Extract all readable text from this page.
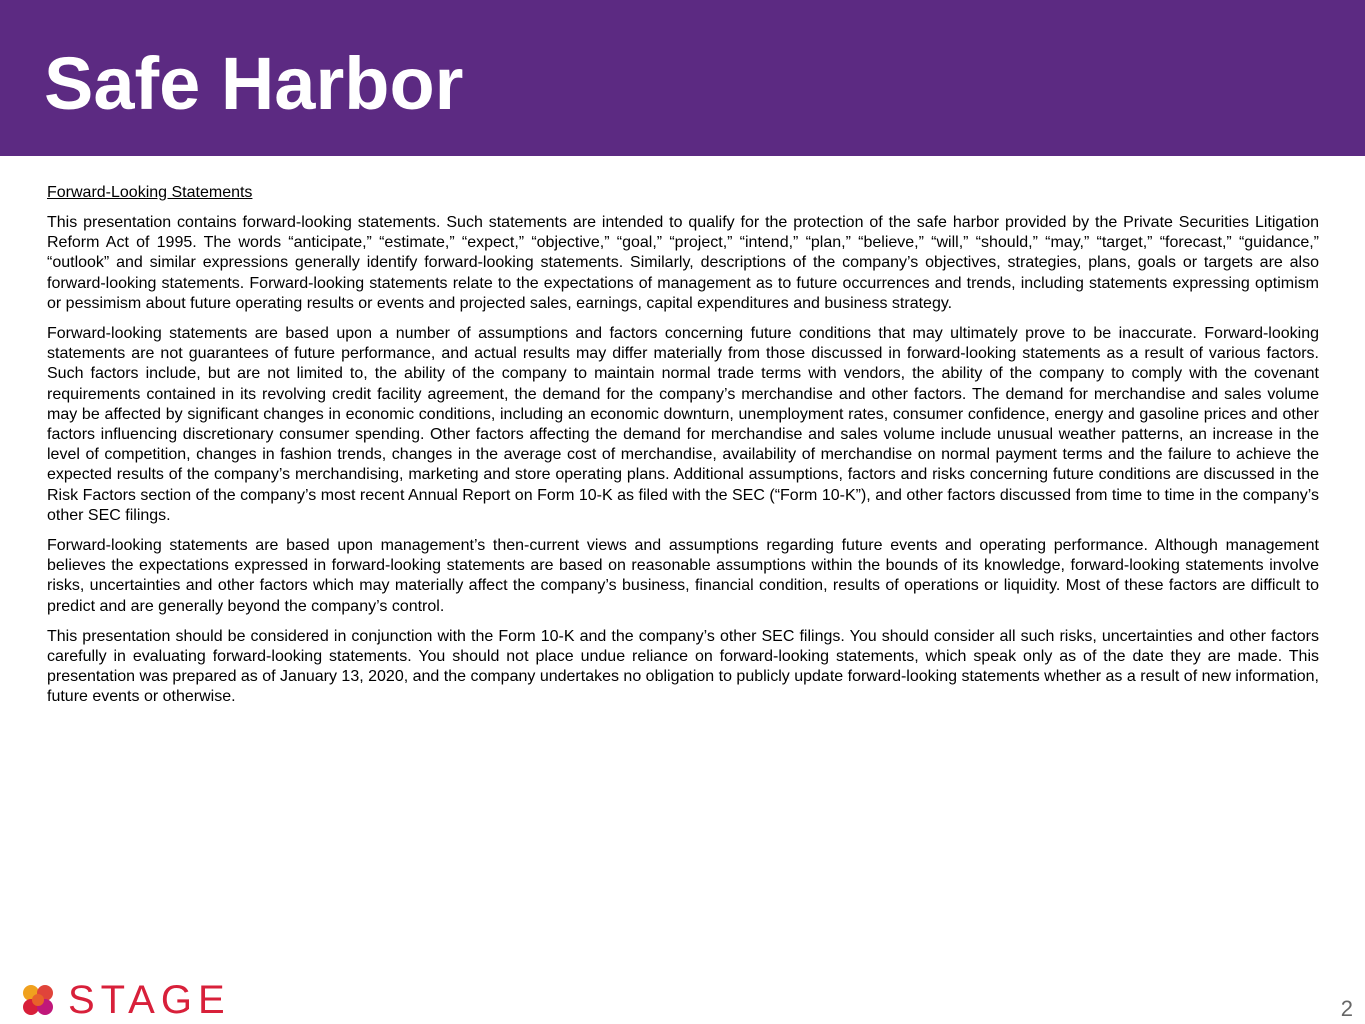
Safe Harbor

Forward-Looking Statements

This presentation contains forward-looking statements. Such statements are intended to qualify for the protection of the safe harbor provided by the Private Securities Litigation Reform Act of 1995. The words “anticipate,” “estimate,” “expect,” “objective,” “goal,” “project,” “intend,” “plan,” “believe,” “will,” “should,” “may,” “target,” “forecast,” “guidance,” “outlook” and similar expressions generally identify forward-looking statements. Similarly, descriptions of the company’s objectives, strategies, plans, goals or targets are also forward-looking statements. Forward-looking statements relate to the expectations of management as to future occurrences and trends, including statements expressing optimism or pessimism about future operating results or events and projected sales, earnings, capital expenditures and business strategy.

Forward-looking statements are based upon a number of assumptions and factors concerning future conditions that may ultimately prove to be inaccurate. Forward-looking statements are not guarantees of future performance, and actual results may differ materially from those discussed in forward-looking statements as a result of various factors. Such factors include, but are not limited to, the ability of the company to maintain normal trade terms with vendors, the ability of the company to comply with the covenant requirements contained in its revolving credit facility agreement, the demand for the company’s merchandise and other factors. The demand for merchandise and sales volume may be affected by significant changes in economic conditions, including an economic downturn, unemployment rates, consumer confidence, energy and gasoline prices and other factors influencing discretionary consumer spending. Other factors affecting the demand for merchandise and sales volume include unusual weather patterns, an increase in the level of competition, changes in fashion trends, changes in the average cost of merchandise, availability of merchandise on normal payment terms and the failure to achieve the expected results of the company’s merchandising, marketing and store operating plans. Additional assumptions, factors and risks concerning future conditions are discussed in the Risk Factors section of the company’s most recent Annual Report on Form 10-K as filed with the SEC (“Form 10-K”), and other factors discussed from time to time in the company’s other SEC filings.

Forward-looking statements are based upon management’s then-current views and assumptions regarding future events and operating performance. Although management believes the expectations expressed in forward-looking statements are based on reasonable assumptions within the bounds of its knowledge, forward-looking statements involve risks, uncertainties and other factors which may materially affect the company’s business, financial condition, results of operations or liquidity. Most of these factors are difficult to predict and are generally beyond the company’s control.

This presentation should be considered in conjunction with the Form 10-K and the company’s other SEC filings. You should consider all such risks, uncertainties and other factors carefully in evaluating forward-looking statements. You should not place undue reliance on forward-looking statements, which speak only as of the date they are made. This presentation was prepared as of January 13, 2020, and the company undertakes no obligation to publicly update forward-looking statements whether as a result of new information, future events or otherwise.

STAGE	2
